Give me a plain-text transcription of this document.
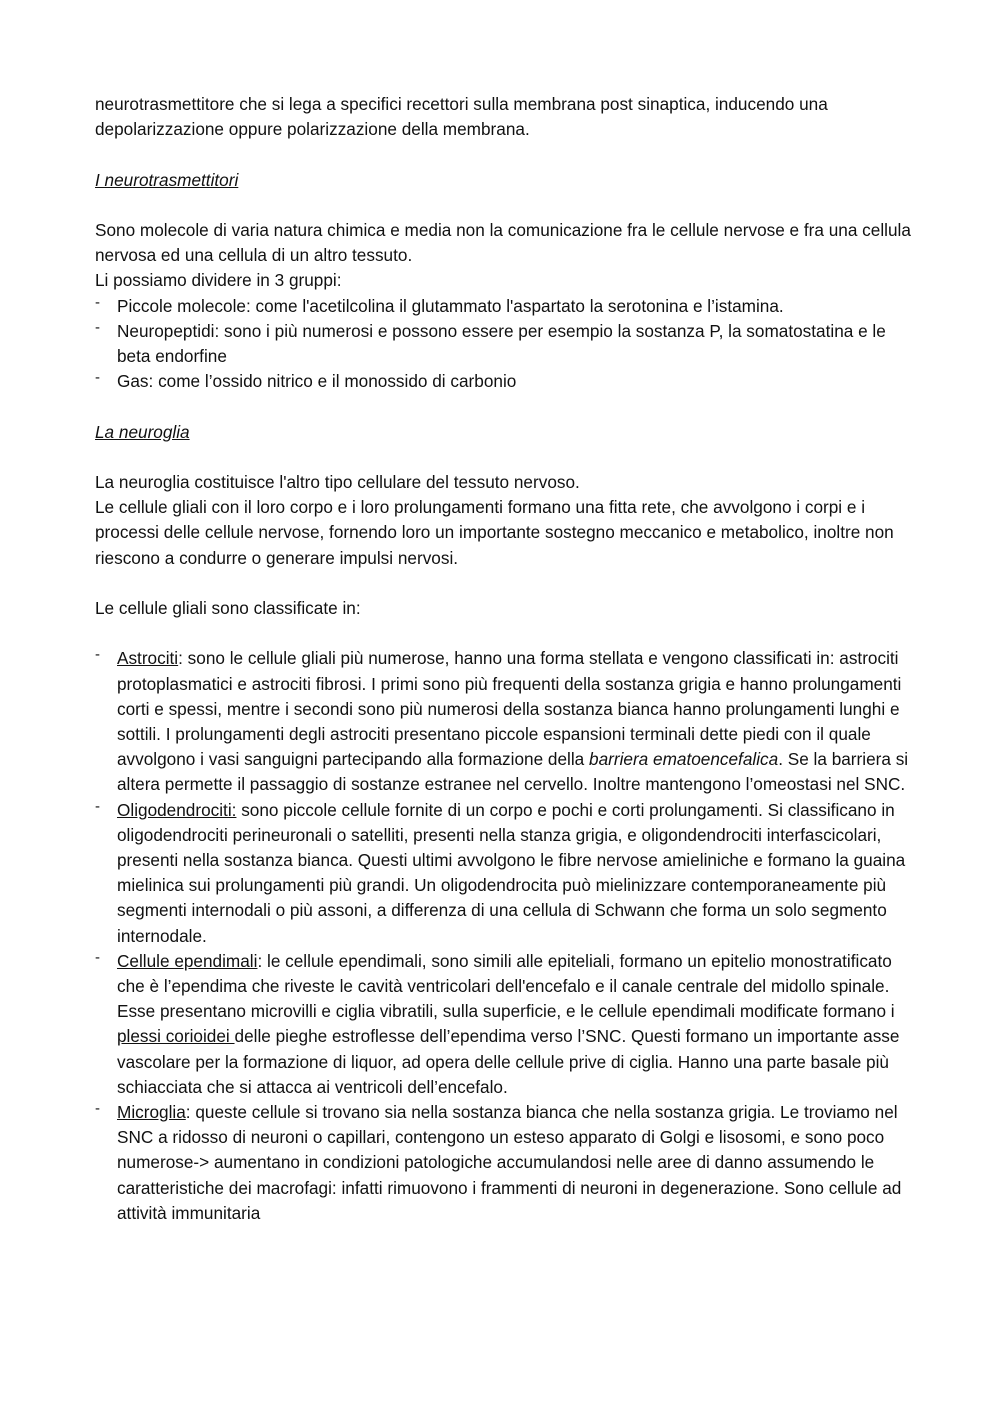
neurotrasmettitore che si lega a specifici recettori sulla membrana post sinaptica, inducendo una
depolarizzazione oppure polarizzazione della membrana.

I neurotrasmettitori

Sono molecole di varia natura chimica e media non la comunicazione fra le cellule nervose e fra una cellula nervosa ed una cellula di un altro tessuto.

Li possiamo dividere in 3 gruppi:

- Piccole molecole: come l'acetilcolina il glutammato l'aspartato la serotonina e l’istamina.
- Neuropeptidi: sono i più numerosi e possono essere per esempio la sostanza P, la somatostatina e le beta endorfine
- Gas: come l’ossido nitrico e il monossido di carbonio

La neuroglia

La neuroglia costituisce l'altro tipo cellulare del tessuto nervoso.

Le cellule gliali con il loro corpo e i loro prolungamenti formano una fitta rete, che avvolgono i corpi e i processi delle cellule nervose, fornendo loro un importante sostegno meccanico e metabolico, inoltre non riescono a condurre o generare impulsi nervosi.

Le cellule gliali sono classificate in:

- Astrociti: sono le cellule gliali più numerose, hanno una forma stellata e vengono classificati in: astrociti protoplasmatici e astrociti fibrosi. I primi sono più frequenti della sostanza grigia e hanno prolungamenti corti e spessi, mentre i secondi sono più numerosi della sostanza bianca hanno prolungamenti lunghi e sottili. I prolungamenti degli astrociti presentano piccole espansioni terminali dette piedi con il quale avvolgono i vasi sanguigni partecipando alla formazione della barriera ematoencefalica. Se la barriera si altera permette il passaggio di sostanze estranee nel cervello. Inoltre mantengono l’omeostasi nel SNC.
- Oligodendrociti: sono piccole cellule fornite di un corpo e pochi e corti prolungamenti. Si classificano in oligodendrociti perineuronali o satelliti, presenti nella stanza grigia, e oligondendrociti interfascicolari, presenti nella sostanza bianca. Questi ultimi avvolgono le fibre nervose amieliniche e formano la guaina mielinica sui prolungamenti più grandi. Un oligodendrocita può mielinizzare contemporaneamente più segmenti internodali o più assoni, a differenza di una cellula di Schwann che forma un solo segmento internodale.
- Cellule ependimali: le cellule ependimali, sono simili alle epiteliali, formano un epitelio monostratificato che è l’ependima che riveste le cavità ventricolari dell'encefalo e il canale centrale del midollo spinale. Esse presentano microvilli e ciglia vibratili, sulla superficie, e le cellule ependimali modificate formano i plessi corioidei delle pieghe estroflesse dell’ependima verso l’SNC. Questi formano un importante asse vascolare per la formazione di liquor, ad opera delle cellule prive di ciglia. Hanno una parte basale più schiacciata che si attacca ai ventricoli dell’encefalo.
- Microglia: queste cellule si trovano sia nella sostanza bianca che nella sostanza grigia. Le troviamo nel SNC a ridosso di neuroni o capillari, contengono un esteso apparato di Golgi e lisosomi, e sono poco numerose-> aumentano in condizioni patologiche accumulandosi nelle aree di danno assumendo le caratteristiche dei macrofagi: infatti rimuovono i frammenti di neuroni in degenerazione. Sono cellule ad attività immunitaria
